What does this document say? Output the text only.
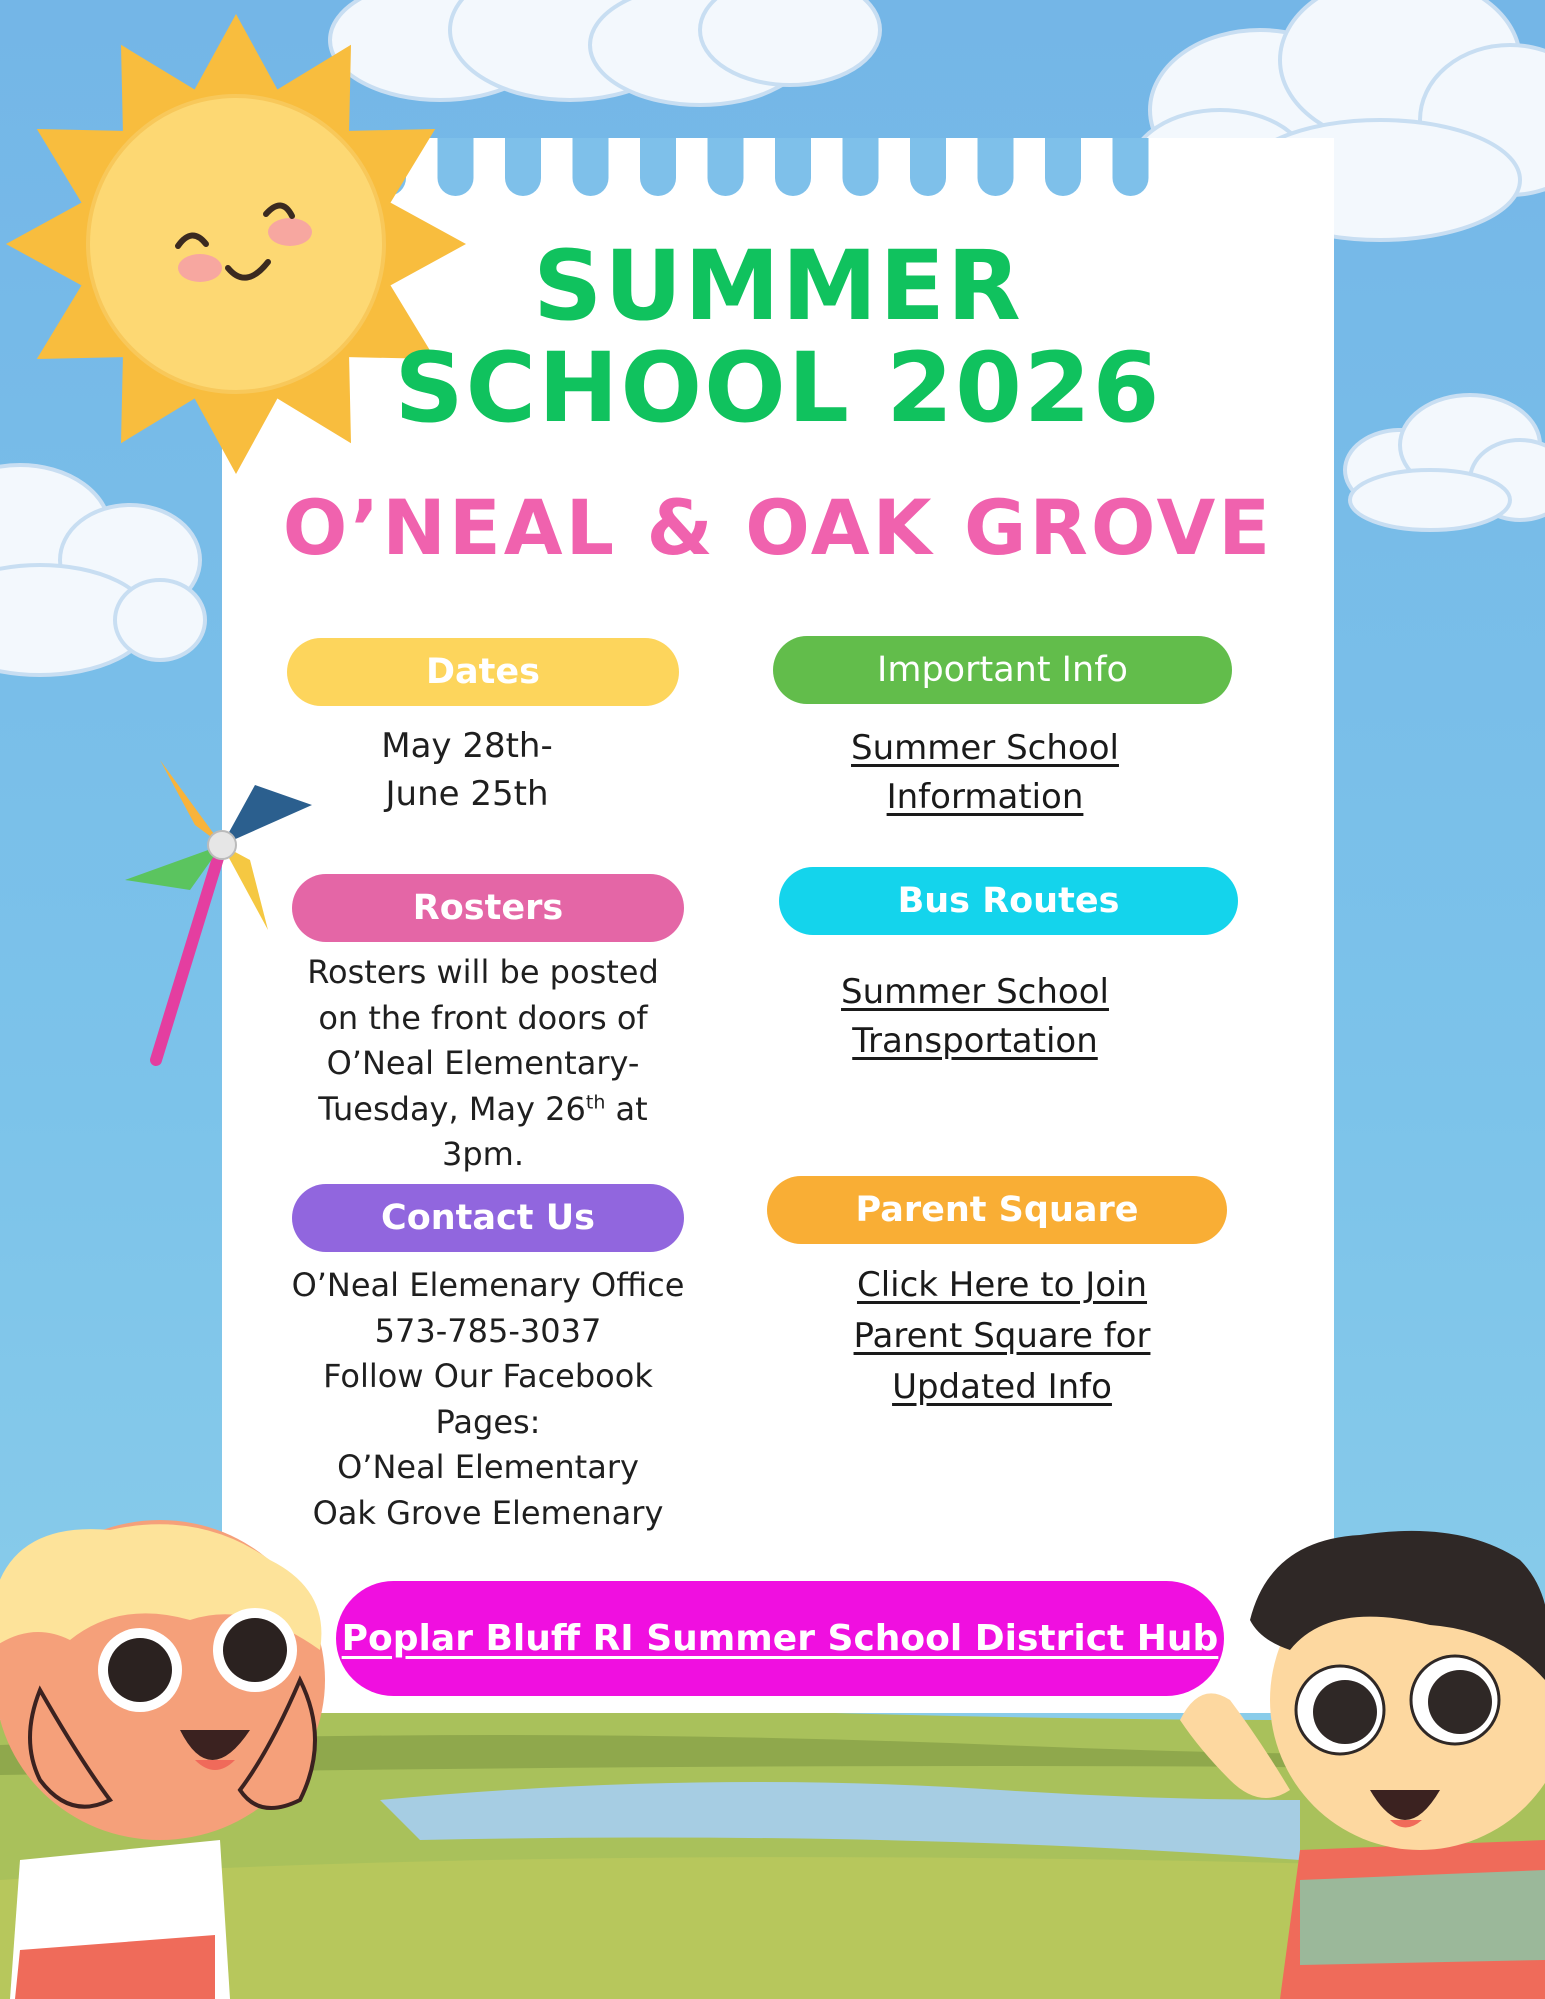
SUMMER
SCHOOL 2026
O’NEAL & OAK GROVE
Dates
May 28th-
June 25th
Important Info
Summer School
Information
Rosters
Rosters will be posted
on the front doors of
O’Neal Elementary-
Tuesday, May 26th at
3pm.
Bus Routes
Summer School
Transportation
Contact Us
O’Neal Elemenary Office
573-785-3037
Follow Our Facebook
Pages:
O’Neal Elementary
Oak Grove Elemenary
Parent Square
Click Here to Join
Parent Square for
Updated Info
Poplar Bluff RI Summer School District Hub
